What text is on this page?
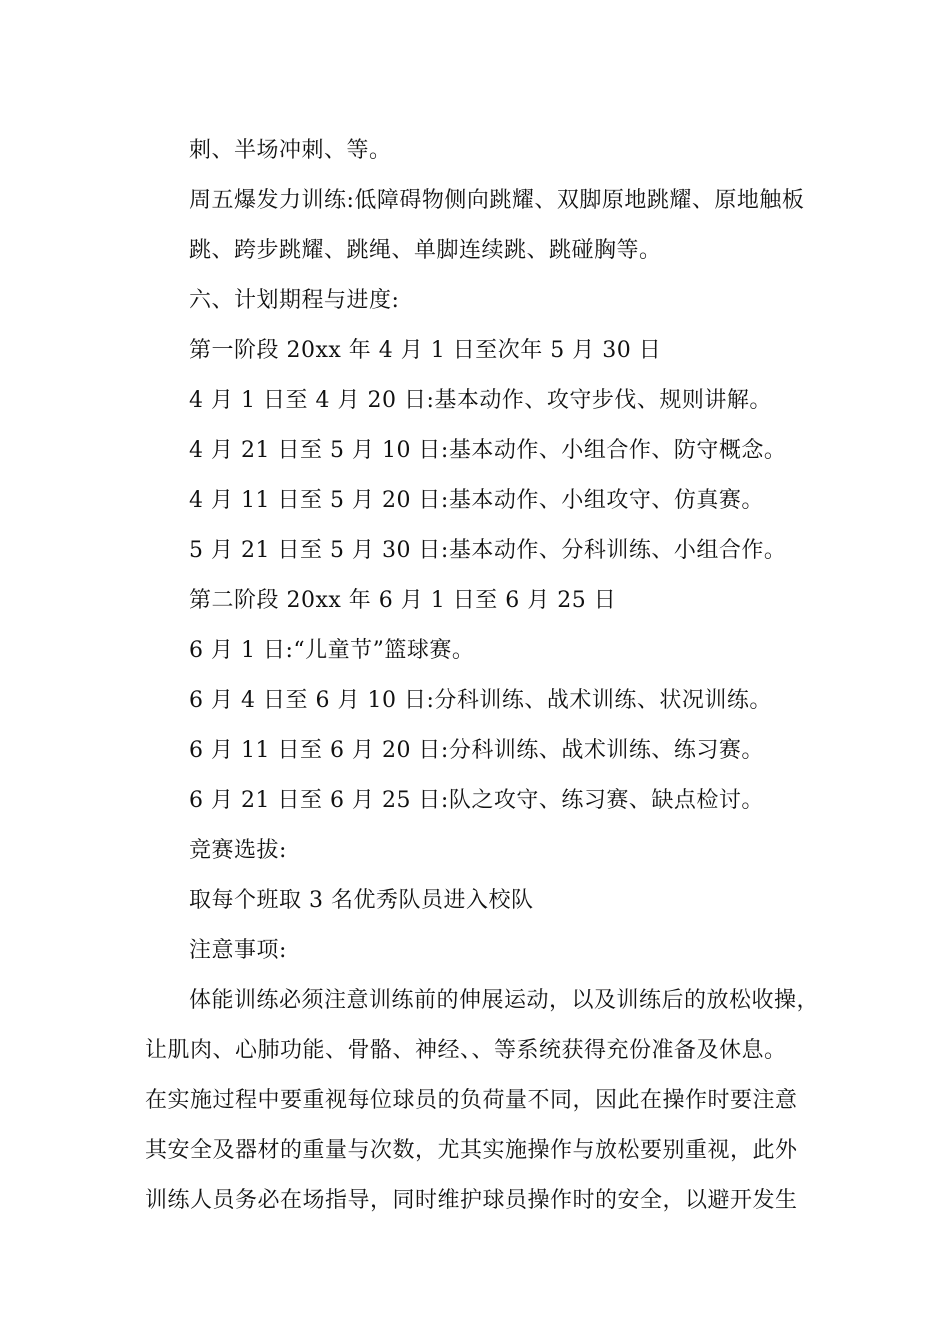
刺、半场冲刺、等。
周五爆发力训练:低障碍物侧向跳耀、双脚原地跳耀、原地触板
跳、跨步跳耀、跳绳、单脚连续跳、跳碰胸等。
六、计划期程与进度:
第一阶段 20xx 年 4 月 1 日至次年 5 月 30 日
4 月 1 日至 4 月 20 日:基本动作、攻守步伐、规则讲解。
4 月 21 日至 5 月 10 日:基本动作、小组合作、防守概念。
4 月 11 日至 5 月 20 日:基本动作、小组攻守、仿真赛。
5 月 21 日至 5 月 30 日:基本动作、分科训练、小组合作。
第二阶段 20xx 年 6 月 1 日至 6 月 25 日
6 月 1 日:“儿童节”篮球赛。
6 月 4 日至 6 月 10 日:分科训练、战术训练、状况训练。
6 月 11 日至 6 月 20 日:分科训练、战术训练、练习赛。
6 月 21 日至 6 月 25 日:队之攻守、练习赛、缺点检讨。
竞赛选拔:
取每个班取 3 名优秀队员进入校队
注意事项:
体能训练必须注意训练前的伸展运动，以及训练后的放松收操，
让肌肉、心肺功能、骨骼、神经、、等系统获得充份准备及休息。
在实施过程中要重视每位球员的负荷量不同，因此在操作时要注意
其安全及器材的重量与次数，尤其实施操作与放松要别重视，此外
训练人员务必在场指导，同时维护球员操作时的安全，以避开发生
